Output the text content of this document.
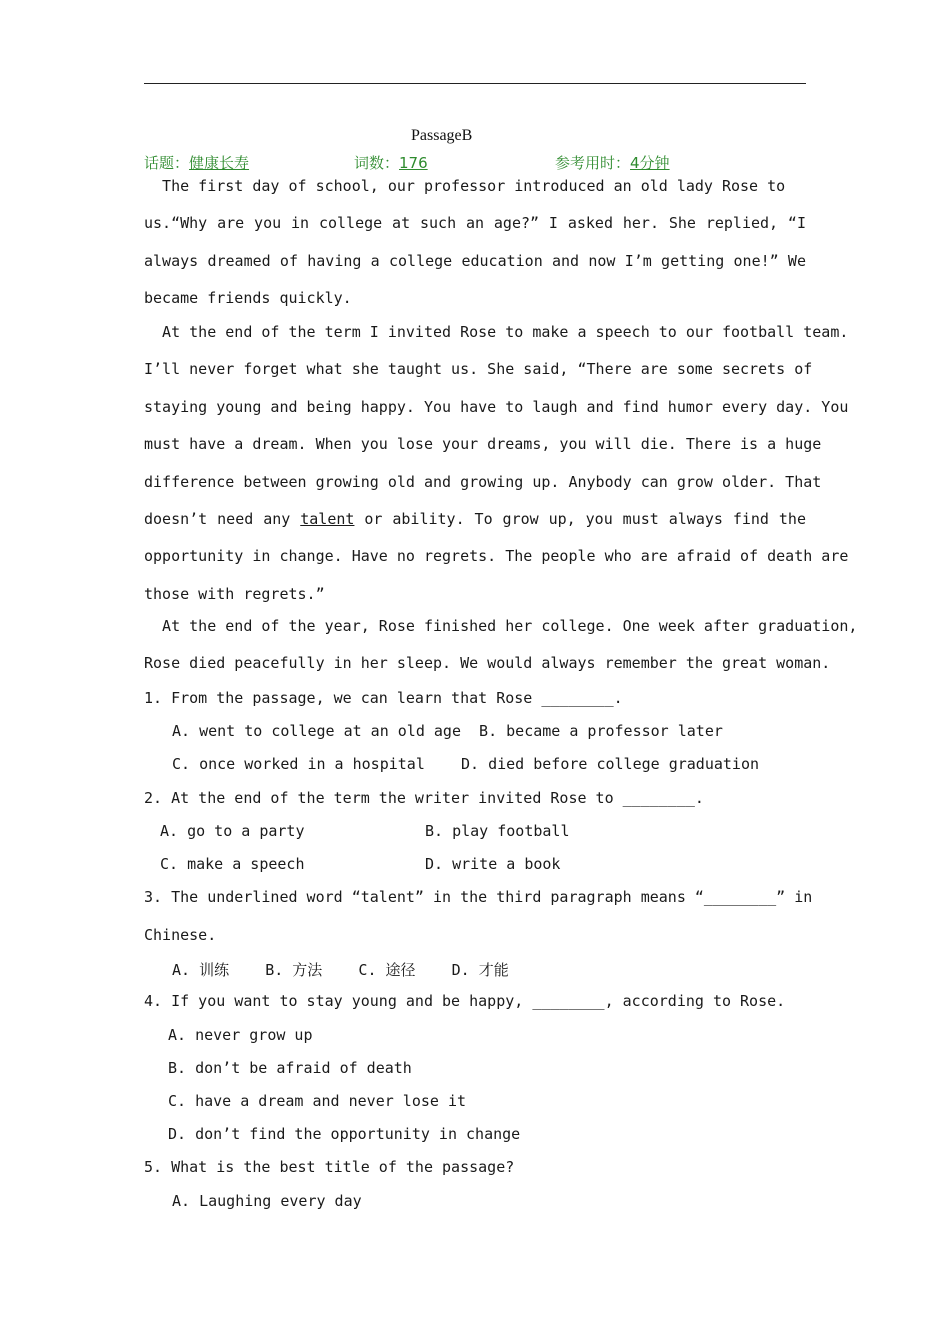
PassageB
话题：健康长寿	词数：176	参考用时：4分钟
The first day of school, our professor introduced an old lady Rose to
us.“Why are you in college at such an age?” I asked her. She replied, “I
always dreamed of having a college education and now I’m getting one!” We
became friends quickly.
At the end of the term I invited Rose to make a speech to our football team.
I’ll never forget what she taught us. She said, “There are some secrets of
staying young and being happy. You have to laugh and find humor every day. You
must have a dream. When you lose your dreams, you will die. There is a huge
difference between growing old and growing up. Anybody can grow older. That
doesn’t need any talent or ability. To grow up, you must always find the
opportunity in change. Have no regrets. The people who are afraid of death are
those with regrets.”
At the end of the year, Rose finished her college. One week after graduation,
Rose died peacefully in her sleep. We would always remember the great woman.
1. From the passage, we can learn that Rose ________.
A. went to college at an old age  B. became a professor later
C. once worked in a hospital    D. died before college graduation
2. At the end of the term the writer invited Rose to ________.
A. go to a party	B. play football
C. make a speech	D. write a book
3. The underlined word “talent” in the third paragraph means “________” in
Chinese.
A. 训练    B. 方法    C. 途径    D. 才能
4. If you want to stay young and be happy, ________, according to Rose.
A. never grow up
B. don’t be afraid of death
C. have a dream and never lose it
D. don’t find the opportunity in change
5. What is the best title of the passage?
A. Laughing every day
